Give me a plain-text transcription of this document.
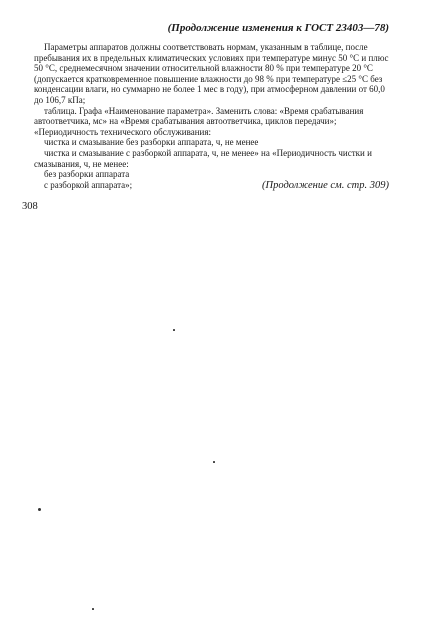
(Продолжение изменения к ГОСТ 23403—78)

Параметры аппаратов должны соответствовать нормам, указанным в таблице, после пребывания их в предельных климатических условиях при температуре минус 50 °C и плюс 50 °C, среднемесячном значении относительной влажности 80 % при температуре 20 °C (допускается кратковременное повышение влажности до 98 % при температуре ≤25 °C без конденсации влаги, но суммарно не более 1 мес в году), при атмосферном давлении от 60,0 до 106,7 кПа;

таблица. Графа «Наименование параметра». Заменить слова: «Время срабатывания автоответчика, мс» на «Время срабатывания автоответчика, циклов передачи»; «Периодичность технического обслуживания:

чистка и смазывание без разборки аппарата, ч, не менее

чистка и смазывание с разборкой аппарата, ч, не менее» на «Периодичность чистки и смазывания, ч, не менее:

без разборки аппарата

с разборкой аппарата»;	(Продолжение см. стр. 309)
308
